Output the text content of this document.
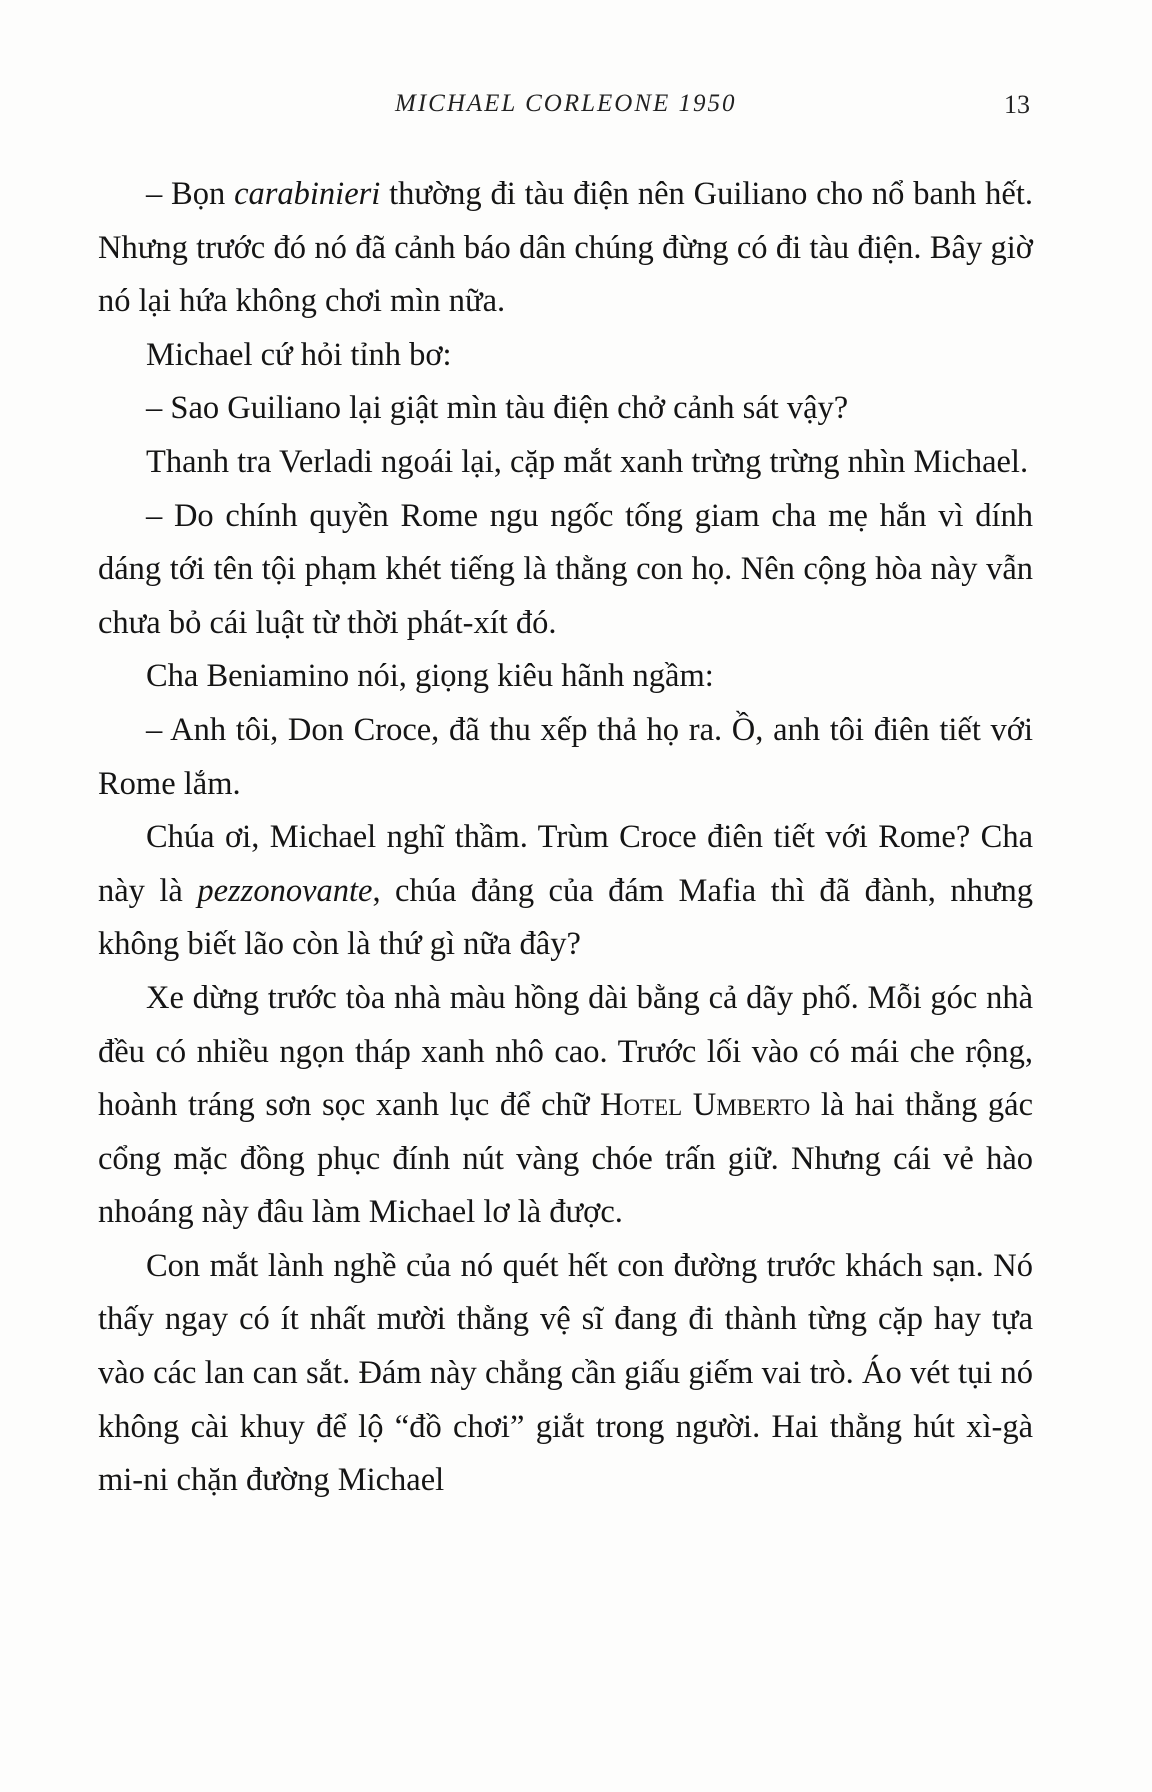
MICHAEL CORLEONE 1950	13

– Bọn carabinieri thường đi tàu điện nên Guiliano cho nổ banh hết. Nhưng trước đó nó đã cảnh báo dân chúng đừng có đi tàu điện. Bây giờ nó lại hứa không chơi mìn nữa.

Michael cứ hỏi tỉnh bơ:

– Sao Guiliano lại giật mìn tàu điện chở cảnh sát vậy?

Thanh tra Verladi ngoái lại, cặp mắt xanh trừng trừng nhìn Michael.

– Do chính quyền Rome ngu ngốc tống giam cha mẹ hắn vì dính dáng tới tên tội phạm khét tiếng là thằng con họ. Nên cộng hòa này vẫn chưa bỏ cái luật từ thời phát-xít đó.

Cha Beniamino nói, giọng kiêu hãnh ngầm:

– Anh tôi, Don Croce, đã thu xếp thả họ ra. Ồ, anh tôi điên tiết với Rome lắm.

Chúa ơi, Michael nghĩ thầm. Trùm Croce điên tiết với Rome? Cha này là pezzonovante, chúa đảng của đám Mafia thì đã đành, nhưng không biết lão còn là thứ gì nữa đây?

Xe dừng trước tòa nhà màu hồng dài bằng cả dãy phố. Mỗi góc nhà đều có nhiều ngọn tháp xanh nhô cao. Trước lối vào có mái che rộng, hoành tráng sơn sọc xanh lục để chữ Hotel Umberto là hai thằng gác cổng mặc đồng phục đính nút vàng chóe trấn giữ. Nhưng cái vẻ hào nhoáng này đâu làm Michael lơ là được.

Con mắt lành nghề của nó quét hết con đường trước khách sạn. Nó thấy ngay có ít nhất mười thằng vệ sĩ đang đi thành từng cặp hay tựa vào các lan can sắt. Đám này chẳng cần giấu giếm vai trò. Áo vét tụi nó không cài khuy để lộ “đồ chơi” giắt trong người. Hai thằng hút xì-gà mi-ni chặn đường Michael
